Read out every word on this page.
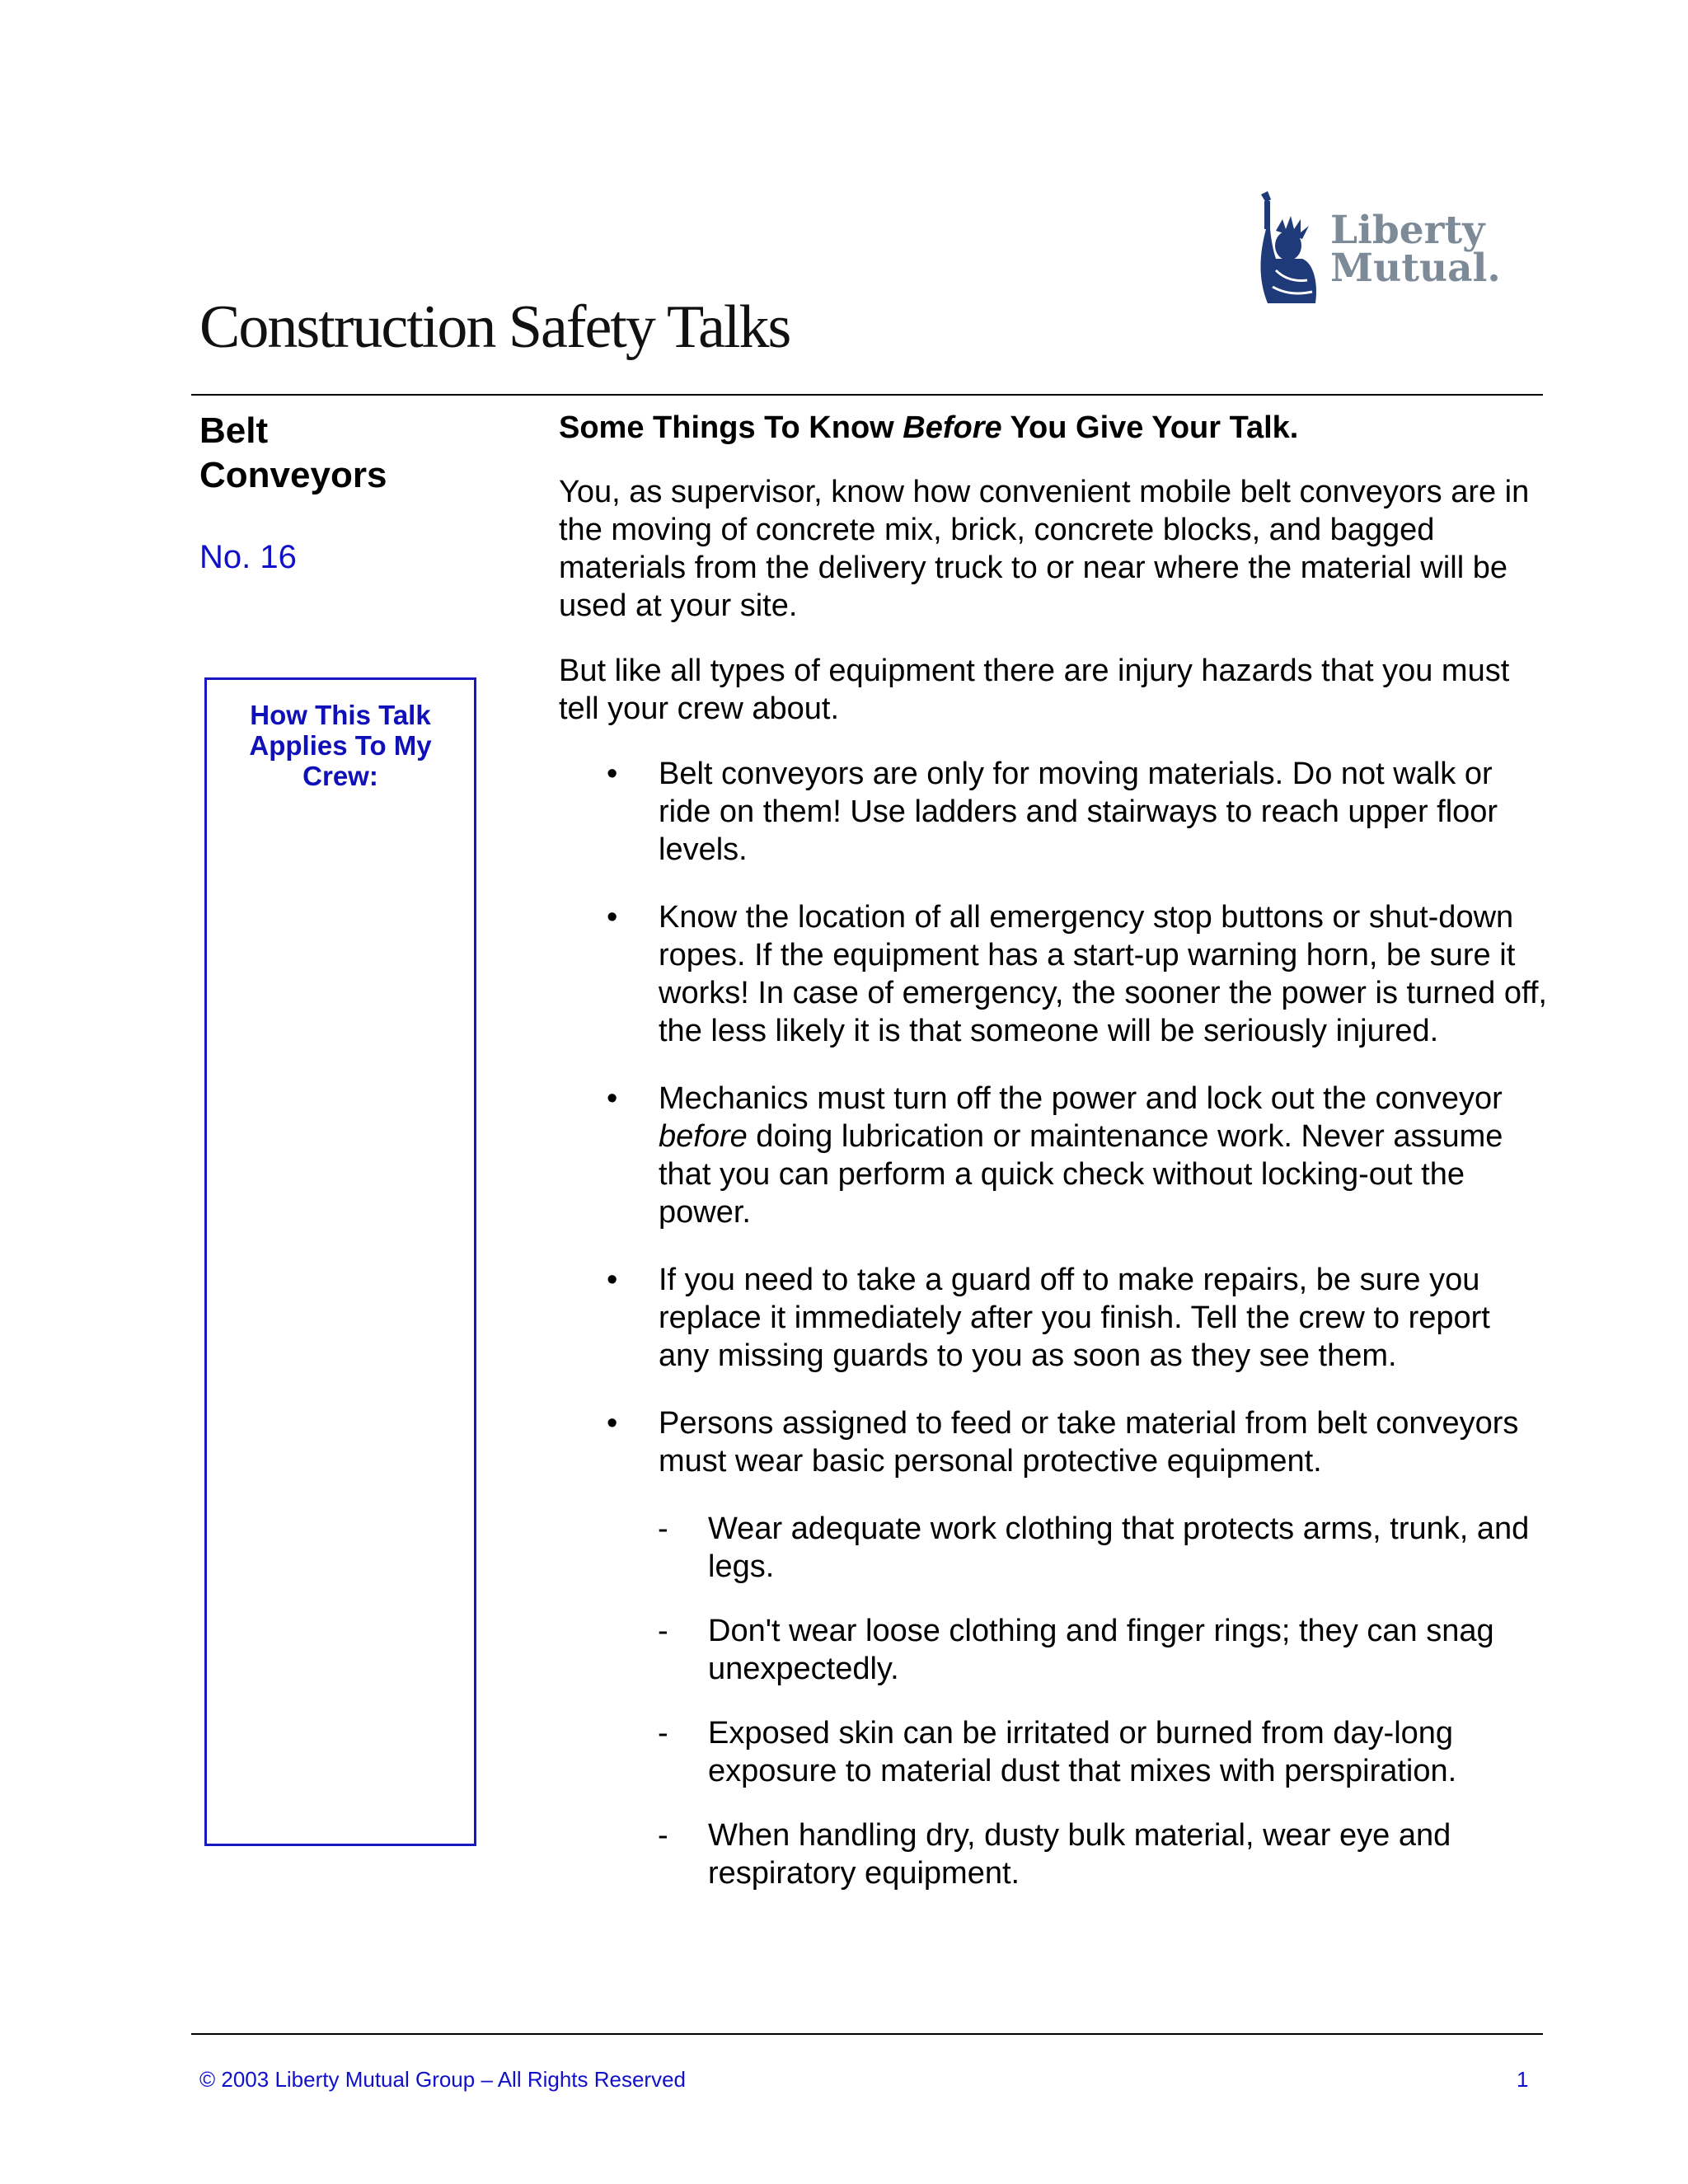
Liberty
Mutual.
Construction Safety Talks
Belt
Conveyors
No. 16
How This Talk Applies To My Crew:
Some Things To Know Before You Give Your Talk.

You, as supervisor, know how convenient mobile belt conveyors are in the moving of concrete mix, brick, concrete blocks, and bagged materials from the delivery truck to or near where the material will be used at your site.

But like all types of equipment there are injury hazards that you must tell your crew about.

• Belt conveyors are only for moving materials. Do not walk or ride on them! Use ladders and stairways to reach upper floor levels.
• Know the location of all emergency stop buttons or shut-down ropes. If the equipment has a start-up warning horn, be sure it works! In case of emergency, the sooner the power is turned off, the less likely it is that someone will be seriously injured.
• Mechanics must turn off the power and lock out the conveyor before doing lubrication or maintenance work. Never assume that you can perform a quick check without locking-out the power.
• If you need to take a guard off to make repairs, be sure you replace it immediately after you finish. Tell the crew to report any missing guards to you as soon as they see them.
• Persons assigned to feed or take material from belt conveyors must wear basic personal protective equipment.
- Wear adequate work clothing that protects arms, trunk, and legs.
- Don't wear loose clothing and finger rings; they can snag unexpectedly.
- Exposed skin can be irritated or burned from day-long exposure to material dust that mixes with perspiration.
- When handling dry, dusty bulk material, wear eye and respiratory equipment.
© 2003 Liberty Mutual Group – All Rights Reserved	1
